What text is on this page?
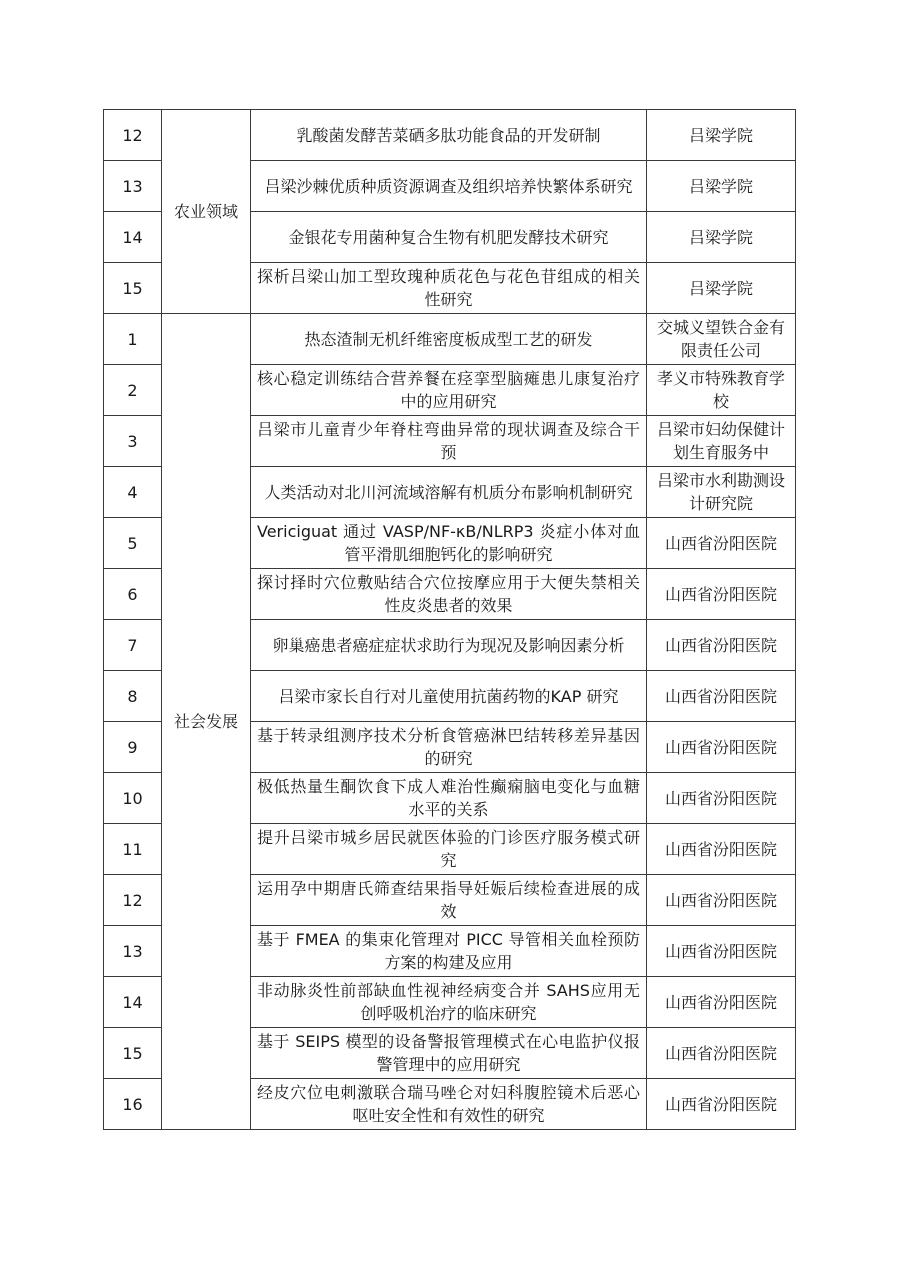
12	农业领域	乳酸菌发酵苦菜硒多肽功能食品的开发研制	吕梁学院
13		吕梁沙棘优质种质资源调查及组织培养快繁体系研究	吕梁学院
14		金银花专用菌种复合生物有机肥发酵技术研究	吕梁学院
15		探析吕梁山加工型玫瑰种质花色与花色苷组成的相关性研究	吕梁学院
1	社会发展	热态渣制无机纤维密度板成型工艺的研发	交城义望铁合金有限责任公司
2		核心稳定训练结合营养餐在痉挛型脑瘫患儿康复治疗中的应用研究	孝义市特殊教育学校
3		吕梁市儿童青少年脊柱弯曲异常的现状调查及综合干预	吕梁市妇幼保健计划生育服务中
4		人类活动对北川河流域溶解有机质分布影响机制研究	吕梁市水利勘测设计研究院
5		Vericiguat 通过 VASP/NF-κB/NLRP3 炎症小体对血管平滑肌细胞钙化的影响研究	山西省汾阳医院
6		探讨择时穴位敷贴结合穴位按摩应用于大便失禁相关性皮炎患者的效果	山西省汾阳医院
7		卵巢癌患者癌症症状求助行为现况及影响因素分析	山西省汾阳医院
8		吕梁市家长自行对儿童使用抗菌药物的KAP 研究	山西省汾阳医院
9		基于转录组测序技术分析食管癌淋巴结转移差异基因的研究	山西省汾阳医院
10		极低热量生酮饮食下成人难治性癫痫脑电变化与血糖水平的关系	山西省汾阳医院
11		提升吕梁市城乡居民就医体验的门诊医疗服务模式研究	山西省汾阳医院
12		运用孕中期唐氏筛查结果指导妊娠后续检查进展的成效	山西省汾阳医院
13		基于 FMEA 的集束化管理对 PICC 导管相关血栓预防方案的构建及应用	山西省汾阳医院
14		非动脉炎性前部缺血性视神经病变合并 SAHS应用无创呼吸机治疗的临床研究	山西省汾阳医院
15		基于 SEIPS 模型的设备警报管理模式在心电监护仪报警管理中的应用研究	山西省汾阳医院
16		经皮穴位电刺激联合瑞马唑仑对妇科腹腔镜术后恶心呕吐安全性和有效性的研究	山西省汾阳医院
